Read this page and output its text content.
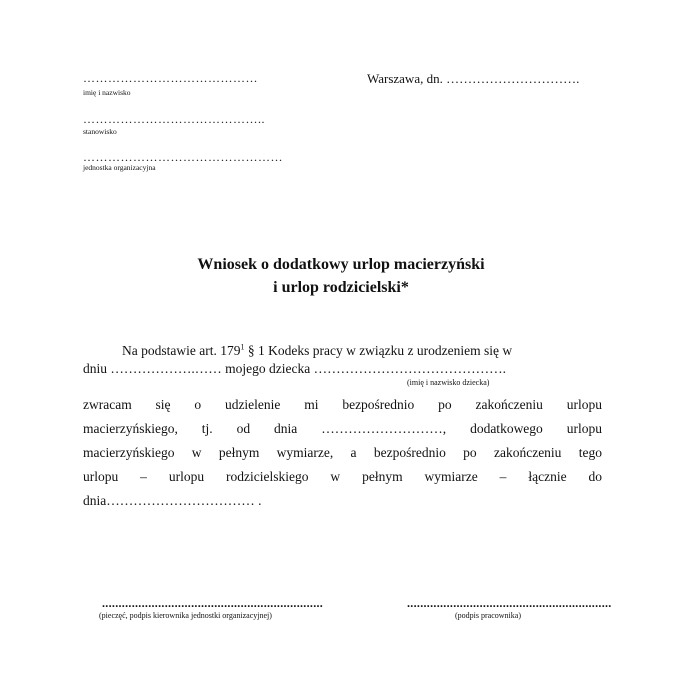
……………………………………
imię i nazwisko
……………………………………..
stanowisko
…………………………………………
jednostka organizacyjna
Warszawa, dn. ………………………….
Wniosek o dodatkowy urlop macierzyński
i urlop rodzicielski*
Na podstawie art. $179^1$ § 1 Kodeks pracy w związku z urodzeniem się w
dniu ……………….…… mojego dziecka …………………………………….
(imię i nazwisko dziecka)
zwracam się o udzielenie mi bezpośrednio po zakończeniu urlopu
macierzyńskiego, tj. od dnia ………………………, dodatkowego urlopu
macierzyńskiego w pełnym wymiarze, a bezpośrednio po zakończeniu tego
urlopu – urlopu rodzicielskiego w pełnym wymiarze – łącznie do
dnia…………………………… .
...................................................................
(pieczęć, podpis kierownika jednostki organizacyjnej)
..............................................................
(podpis pracownika)
